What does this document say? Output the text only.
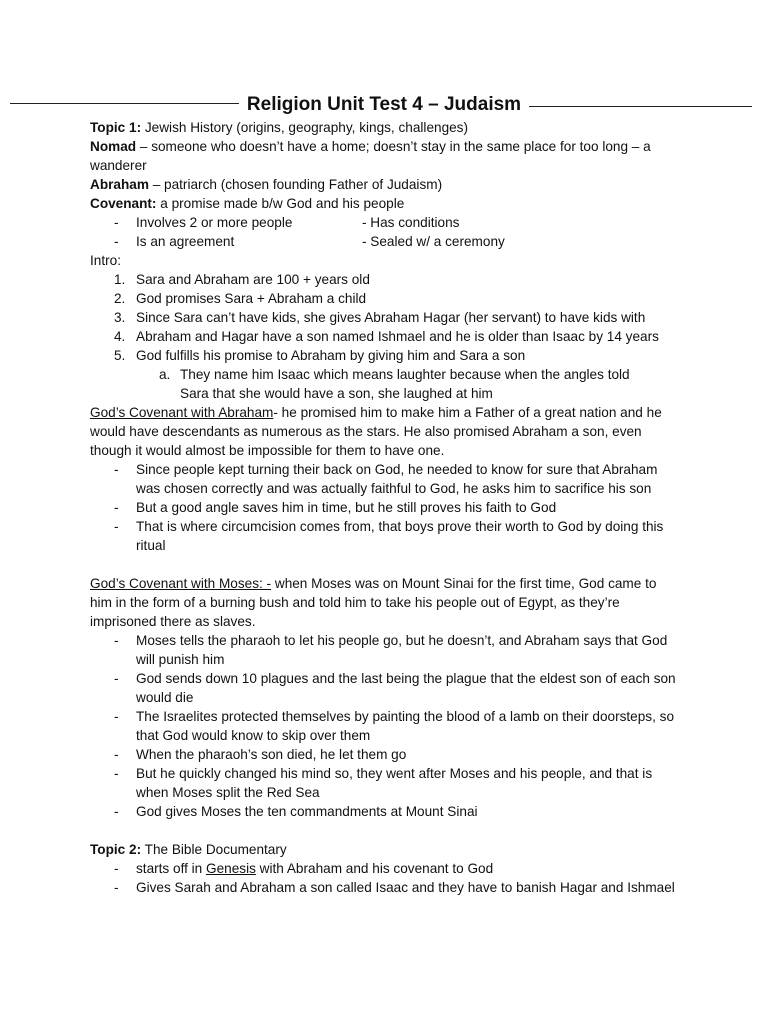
Religion Unit Test 4 – Judaism

Topic 1: Jewish History (origins, geography, kings, challenges)

Nomad – someone who doesn’t have a home; doesn’t stay in the same place for too long – a wanderer

Abraham – patriarch (chosen founding Father of Judaism)

Covenant: a promise made b/w God and his people

- Involves 2 or more people	- Has conditions
- Is an agreement	- Sealed w/ a ceremony

Intro:

1. Sara and Abraham are 100 + years old
2. God promises Sara + Abraham a child
3. Since Sara can’t have kids, she gives Abraham Hagar (her servant) to have kids with
4. Abraham and Hagar have a son named Ishmael and he is older than Isaac by 14 years
5. God fulfills his promise to Abraham by giving him and Sara a son
a. They name him Isaac which means laughter because when the angles told Sara that she would have a son, she laughed at him

God’s Covenant with Abraham- he promised him to make him a Father of a great nation and he would have descendants as numerous as the stars. He also promised Abraham a son, even though it would almost be impossible for them to have one.

- Since people kept turning their back on God, he needed to know for sure that Abraham was chosen correctly and was actually faithful to God, he asks him to sacrifice his son
- But a good angle saves him in time, but he still proves his faith to God
- That is where circumcision comes from, that boys prove their worth to God by doing this ritual

God’s Covenant with Moses: - when Moses was on Mount Sinai for the first time, God came to him in the form of a burning bush and told him to take his people out of Egypt, as they’re imprisoned there as slaves.

- Moses tells the pharaoh to let his people go, but he doesn’t, and Abraham says that God will punish him
- God sends down 10 plagues and the last being the plague that the eldest son of each son would die
- The Israelites protected themselves by painting the blood of a lamb on their doorsteps, so that God would know to skip over them
- When the pharaoh’s son died, he let them go
- But he quickly changed his mind so, they went after Moses and his people, and that is when Moses split the Red Sea
- God gives Moses the ten commandments at Mount Sinai

Topic 2: The Bible Documentary

- starts off in Genesis with Abraham and his covenant to God
- Gives Sarah and Abraham a son called Isaac and they have to banish Hagar and Ishmael
